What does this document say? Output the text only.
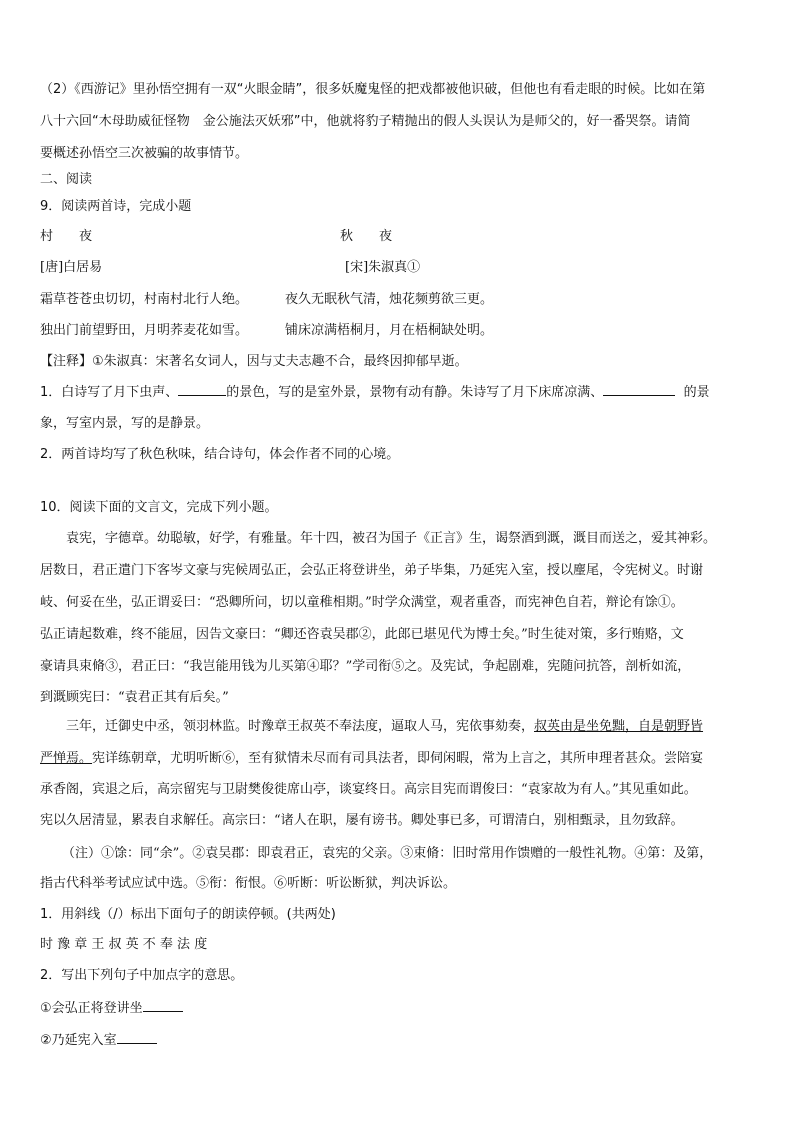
（2）《西游记》里孙悟空拥有一双“火眼金睛”，很多妖魔鬼怪的把戏都被他识破，但他也有看走眼的时候。比如在第
八十六回“木母助威征怪物　金公施法灭妖邪”中，他就将豹子精抛出的假人头误认为是师父的，好一番哭祭。请简
要概述孙悟空三次被骗的故事情节。
二、阅读
9．阅读两首诗，完成小题
村　　夜	秋　　夜
[唐]白居易	[宋]朱淑真①
霜草苍苍虫切切，村南村北行人绝。	夜久无眠秋气清，烛花频剪欲三更。
独出门前望野田，月明荞麦花如雪。	铺床凉满梧桐月，月在梧桐缺处明。
【注释】①朱淑真：宋著名女词人，因与丈夫志趣不合，最终因抑郁早逝。
1．白诗写了月下虫声、	的景色，写的是室外景，景物有动有静。朱诗写了月下床席凉满、	的景
象，写室内景，写的是静景。
2．两首诗均写了秋色秋味，结合诗句，体会作者不同的心境。
10．阅读下面的文言文，完成下列小题。
袁宪，字德章。幼聪敏，好学，有雅量。年十四，被召为国子《正言》生，谒祭酒到溉，溉目而送之，爱其神彩。
居数日，君正遣门下客岑文豪与宪候周弘正，会弘正将登讲坐，弟子毕集，乃延宪入室，授以麈尾，令宪树义。时谢
岐、何妥在坐，弘正谓妥曰：“恐卿所问，切以童稚相期。”时学众满堂，观者重沓，而宪神色自若，辩论有馀①。
弘正请起数难，终不能屈，因告文豪曰：“卿还咨袁吴郡②，此郎已堪见代为博士矣。”时生徒对策，多行贿赂，文
豪请具束脩③，君正曰：“我岂能用钱为儿买第④耶？”学司衔⑤之。及宪试，争起剧难，宪随问抗答，剖析如流，
到溉顾宪曰：“袁君正其有后矣。”
三年，迁御史中丞，领羽林监。时豫章王叔英不奉法度，逼取人马，宪依事劾奏，叔英由是坐免黜，自是朝野皆
严惮焉。宪详练朝章，尤明听断⑥，至有狱情未尽而有司具法者，即伺闲暇，常为上言之，其所申理者甚众。尝陪宴
承香阁，宾退之后，高宗留宪与卫尉樊俊徙席山亭，谈宴终日。高宗目宪而谓俊曰：“袁家故为有人。”其见重如此。
宪以久居清显，累表自求解任。高宗曰：“诸人在职，屡有谤书。卿处事已多，可谓清白，别相甄录，且勿致辞。
（注）①馀：同“余”。②袁吴郡：即袁君正，袁宪的父亲。③束脩：旧时常用作馈赠的一般性礼物。④第：及第，
指古代科举考试应试中选。⑤衔：衔恨。⑥听断：听讼断狱，判决诉讼。
1．用斜线（/）标出下面句子的朗读停顿。(共两处)
时 豫 章 王 叔 英 不 奉 法 度
2．写出下列句子中加点字的意思。
①会弘正将登讲坐
②乃延宪入室
